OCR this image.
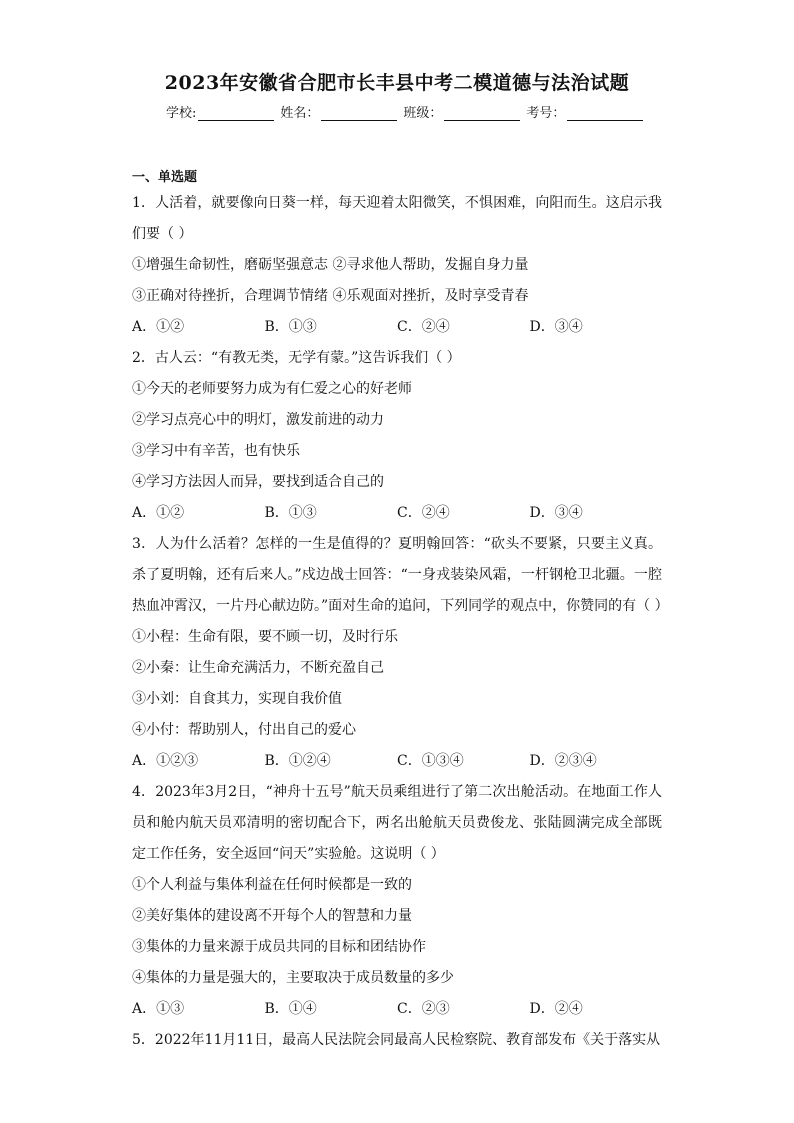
2023年安徽省合肥市长丰县中考二模道德与法治试题
学校:	姓名：	班级：	考号：
一、单选题
1．人活着，就要像向日葵一样，每天迎着太阳微笑，不惧困难，向阳而生。这启示我们要（ ）
①增强生命韧性，磨砺坚强意志 ②寻求他人帮助，发掘自身力量
③正确对待挫折，合理调节情绪 ④乐观面对挫折，及时享受青春
A．①②	B．①③	C．②④	D．③④
2．古人云：“有教无类，无学有蒙。”这告诉我们（ ）
①今天的老师要努力成为有仁爱之心的好老师
②学习点亮心中的明灯，激发前进的动力
③学习中有辛苦，也有快乐
④学习方法因人而异，要找到适合自己的
A．①②	B．①③	C．②④	D．③④
3．人为什么活着？怎样的一生是值得的？夏明翰回答：“砍头不要紧，只要主义真。杀了夏明翰，还有后来人。”戍边战士回答：“一身戎装染风霜，一杆钢枪卫北疆。一腔热血冲霄汉，一片丹心献边防。”面对生命的追问，下列同学的观点中，你赞同的有（ ）
①小程：生命有限，要不顾一切，及时行乐
②小秦：让生命充满活力，不断充盈自己
③小刘：自食其力，实现自我价值
④小付：帮助别人，付出自己的爱心
A．①②③	B．①②④	C．①③④	D．②③④
4．2023年3月2日，“神舟十五号”航天员乘组进行了第二次出舱活动。在地面工作人员和舱内航天员邓清明的密切配合下，两名出舱航天员费俊龙、张陆圆满完成全部既定工作任务，安全返回“问天”实验舱。这说明（ ）
①个人利益与集体利益在任何时候都是一致的
②美好集体的建设离不开每个人的智慧和力量
③集体的力量来源于成员共同的目标和团结协作
④集体的力量是强大的，主要取决于成员数量的多少
A．①③	B．①④	C．②③	D．②④
5．2022年11月11日，最高人民法院会同最高人民检察院、教育部发布《关于落实从
